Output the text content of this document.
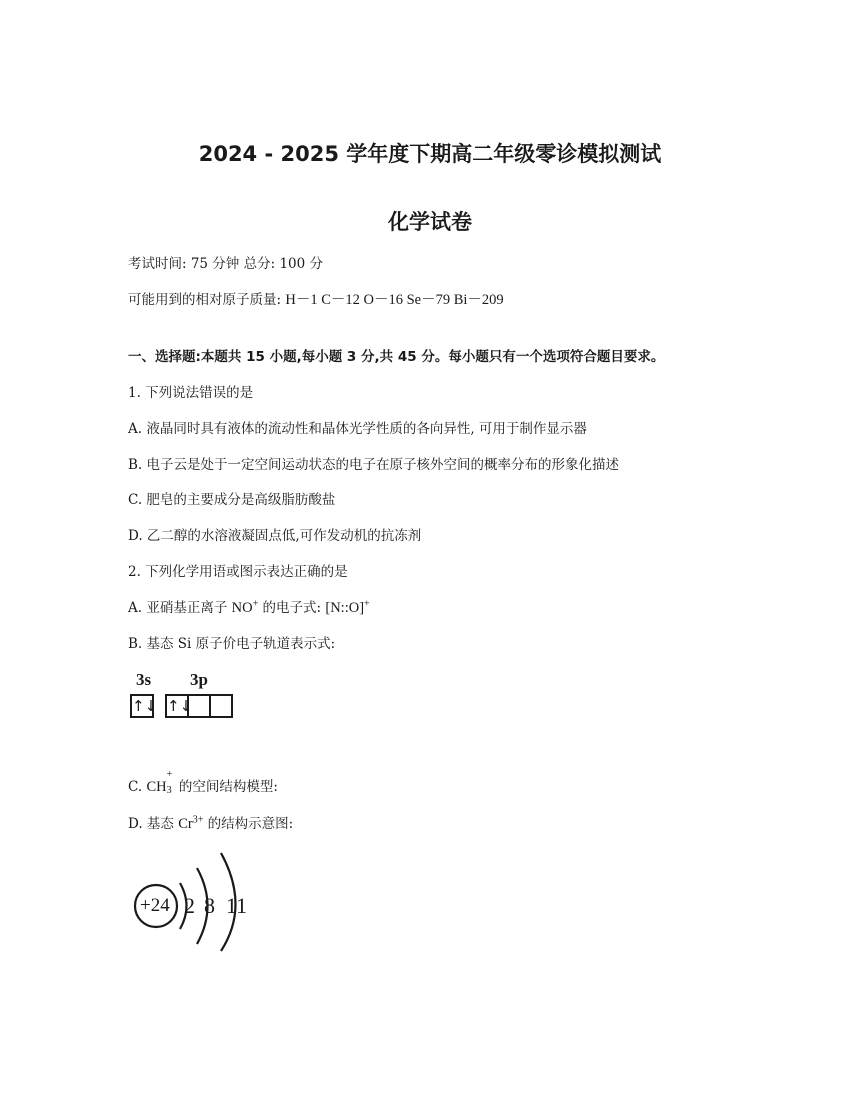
2024 - 2025 学年度下期高二年级零诊模拟测试
化学试卷
考试时间: 75 分钟 总分: 100 分
可能用到的相对原子质量: H－1 C－12 O－16 Se－79 Bi－209
一、选择题:本题共 15 小题,每小题 3 分,共 45 分。每小题只有一个选项符合题目要求。
1. 下列说法错误的是
A. 液晶同时具有液体的流动性和晶体光学性质的各向异性, 可用于制作显示器
B. 电子云是处于一定空间运动状态的电子在原子核外空间的概率分布的形象化描述
C. 肥皂的主要成分是高级脂肪酸盐
D. 乙二醇的水溶液凝固点低,可作发动机的抗冻剂
2. 下列化学用语或图示表达正确的是
A. 亚硝基正离子 NO+ 的电子式: [N::O]+
B. 基态 Si 原子价电子轨道表示式:
3s 3p
↑↓ ↑↓
C. CH
+
3 的空间结构模型:
D. 基态 $Cr^{3+}$ 的结构示意图:
+24 2 8 11
